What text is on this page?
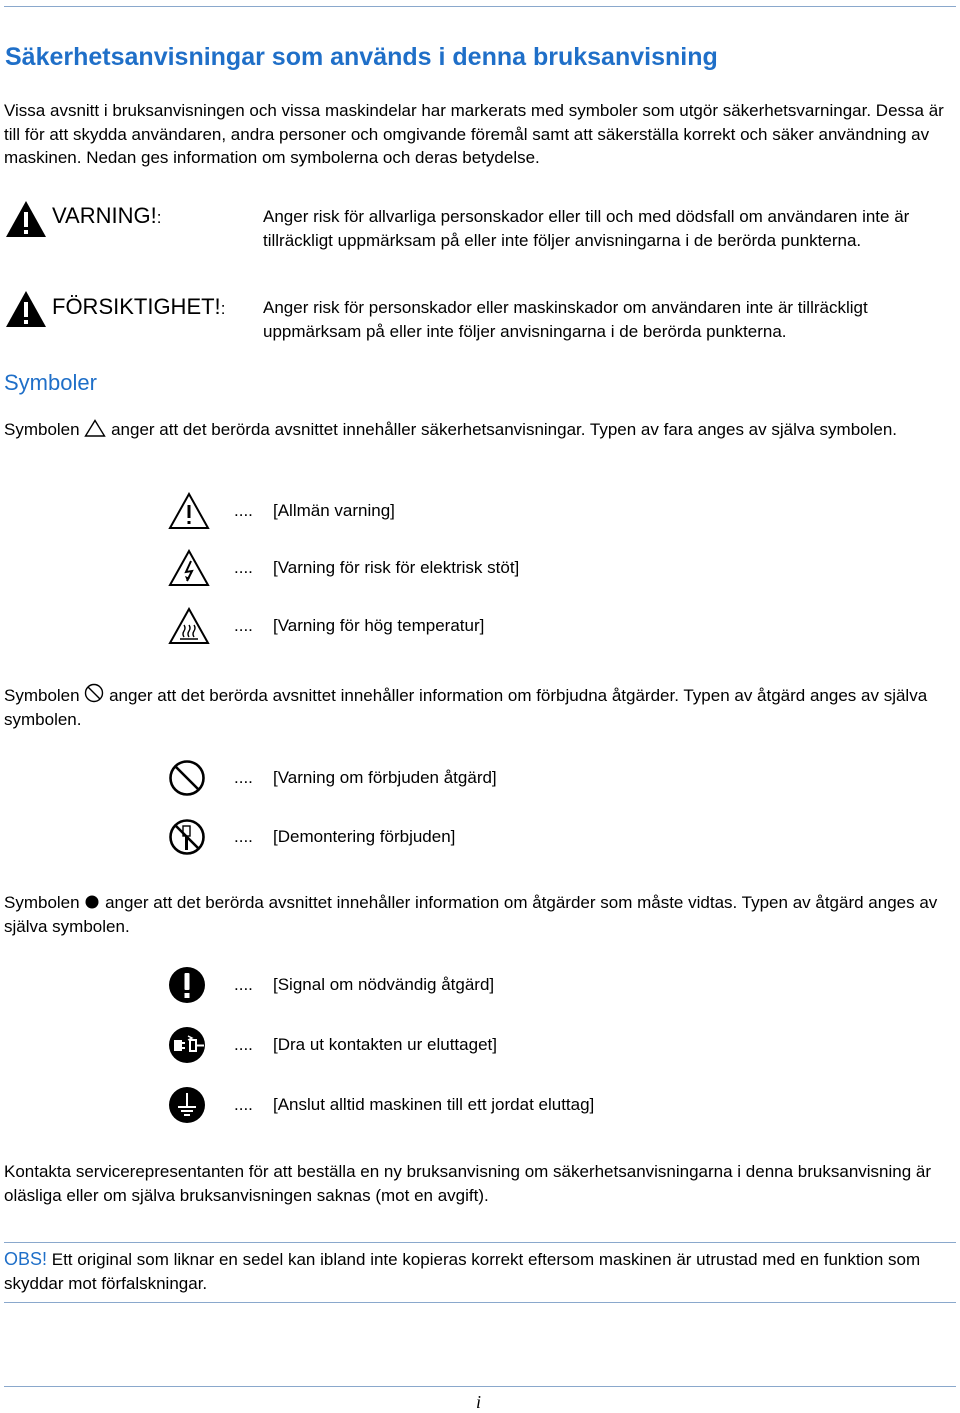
Säkerhetsanvisningar som används i denna bruksanvisning
Vissa avsnitt i bruksanvisningen och vissa maskindelar har markerats med symboler som utgör säkerhetsvarningar. Dessa är till för att skydda användaren, andra personer och omgivande föremål samt att säkerställa korrekt och säker användning av maskinen. Nedan ges information om symbolerna och deras betydelse.
VARNING!:	Anger risk för allvarliga personskador eller till och med dödsfall om användaren inte är tillräckligt uppmärksam på eller inte följer anvisningarna i de berörda punkterna.
FÖRSIKTIGHET!: Anger risk för personskador eller maskinskador om användaren inte är tillräckligt uppmärksam på eller inte följer anvisningarna i de berörda punkterna.
Symboler
Symbolen anger att det berörda avsnittet innehåller säkerhetsanvisningar. Typen av fara anges av själva symbolen.
.... [Allmän varning]
.... [Varning för risk för elektrisk stöt]
.... [Varning för hög temperatur]
Symbolen anger att det berörda avsnittet innehåller information om förbjudna åtgärder. Typen av åtgärd anges av själva symbolen.
.... [Varning om förbjuden åtgärd]
.... [Demontering förbjuden]
Symbolen anger att det berörda avsnittet innehåller information om åtgärder som måste vidtas. Typen av åtgärd anges av själva symbolen.
.... [Signal om nödvändig åtgärd]
.... [Dra ut kontakten ur eluttaget]
.... [Anslut alltid maskinen till ett jordat eluttag]
Kontakta servicerepresentanten för att beställa en ny bruksanvisning om säkerhetsanvisningarna i denna bruksanvisning är oläsliga eller om själva bruksanvisningen saknas (mot en avgift).
OBS! Ett original som liknar en sedel kan ibland inte kopieras korrekt eftersom maskinen är utrustad med en funktion som skyddar mot förfalskningar.
i
